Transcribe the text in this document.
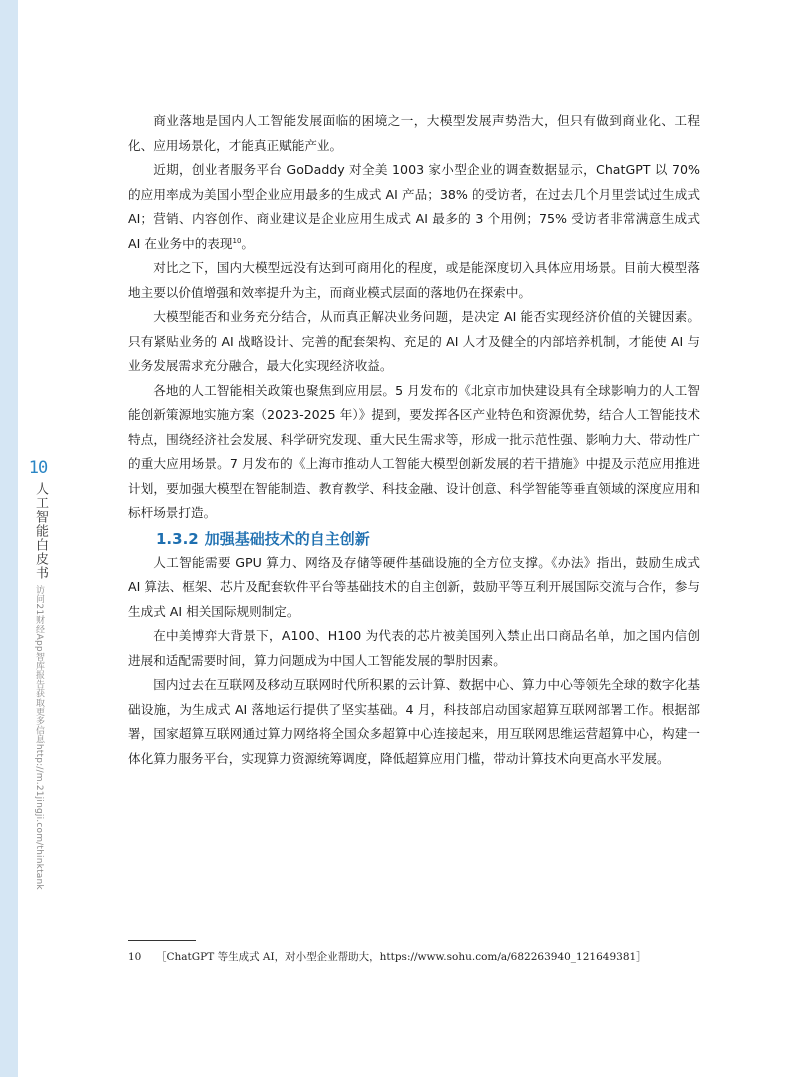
10
人工智能白皮书
访问21财经App智库报告获取更多信息http://m.21jingji.com/thinktank

商业落地是国内人工智能发展面临的困境之一，大模型发展声势浩大，但只有做到商业化、工程化、应用场景化，才能真正赋能产业。

近期，创业者服务平台 GoDaddy 对全美 1003 家小型企业的调查数据显示，ChatGPT 以 70% 的应用率成为美国小型企业应用最多的生成式 AI 产品；38% 的受访者，在过去几个月里尝试过生成式 AI；营销、内容创作、商业建议是企业应用生成式 AI 最多的 3 个用例；75% 受访者非常满意生成式 AI 在业务中的表现$^{10}$。

对比之下，国内大模型远没有达到可商用化的程度，或是能深度切入具体应用场景。目前大模型落地主要以价值增强和效率提升为主，而商业模式层面的落地仍在探索中。

大模型能否和业务充分结合，从而真正解决业务问题，是决定 AI 能否实现经济价值的关键因素。只有紧贴业务的 AI 战略设计、完善的配套架构、充足的 AI 人才及健全的内部培养机制，才能使 AI 与业务发展需求充分融合，最大化实现经济收益。

各地的人工智能相关政策也聚焦到应用层。5 月发布的《北京市加快建设具有全球影响力的人工智能创新策源地实施方案（2023-2025 年）》提到，要发挥各区产业特色和资源优势，结合人工智能技术特点，围绕经济社会发展、科学研究发现、重大民生需求等，形成一批示范性强、影响力大、带动性广的重大应用场景。7 月发布的《上海市推动人工智能大模型创新发展的若干措施》中提及示范应用推进计划，要加强大模型在智能制造、教育教学、科技金融、设计创意、科学智能等垂直领域的深度应用和标杆场景打造。

1.3.2 加强基础技术的自主创新

人工智能需要 GPU 算力、网络及存储等硬件基础设施的全方位支撑。《办法》指出，鼓励生成式 AI 算法、框架、芯片及配套软件平台等基础技术的自主创新，鼓励平等互利开展国际交流与合作，参与生成式 AI 相关国际规则制定。

在中美博弈大背景下，A100、H100 为代表的芯片被美国列入禁止出口商品名单，加之国内信创进展和适配需要时间，算力问题成为中国人工智能发展的掣肘因素。

国内过去在互联网及移动互联网时代所积累的云计算、数据中心、算力中心等领先全球的数字化基础设施，为生成式 AI 落地运行提供了坚实基础。4 月，科技部启动国家超算互联网部署工作。根据部署，国家超算互联网通过算力网络将全国众多超算中心连接起来，用互联网思维运营超算中心，构建一体化算力服务平台，实现算力资源统筹调度，降低超算应用门槛，带动计算技术向更高水平发展。

10 ［ChatGPT 等生成式 AI，对小型企业帮助大，https://www.sohu.com/a/682263940_121649381］
